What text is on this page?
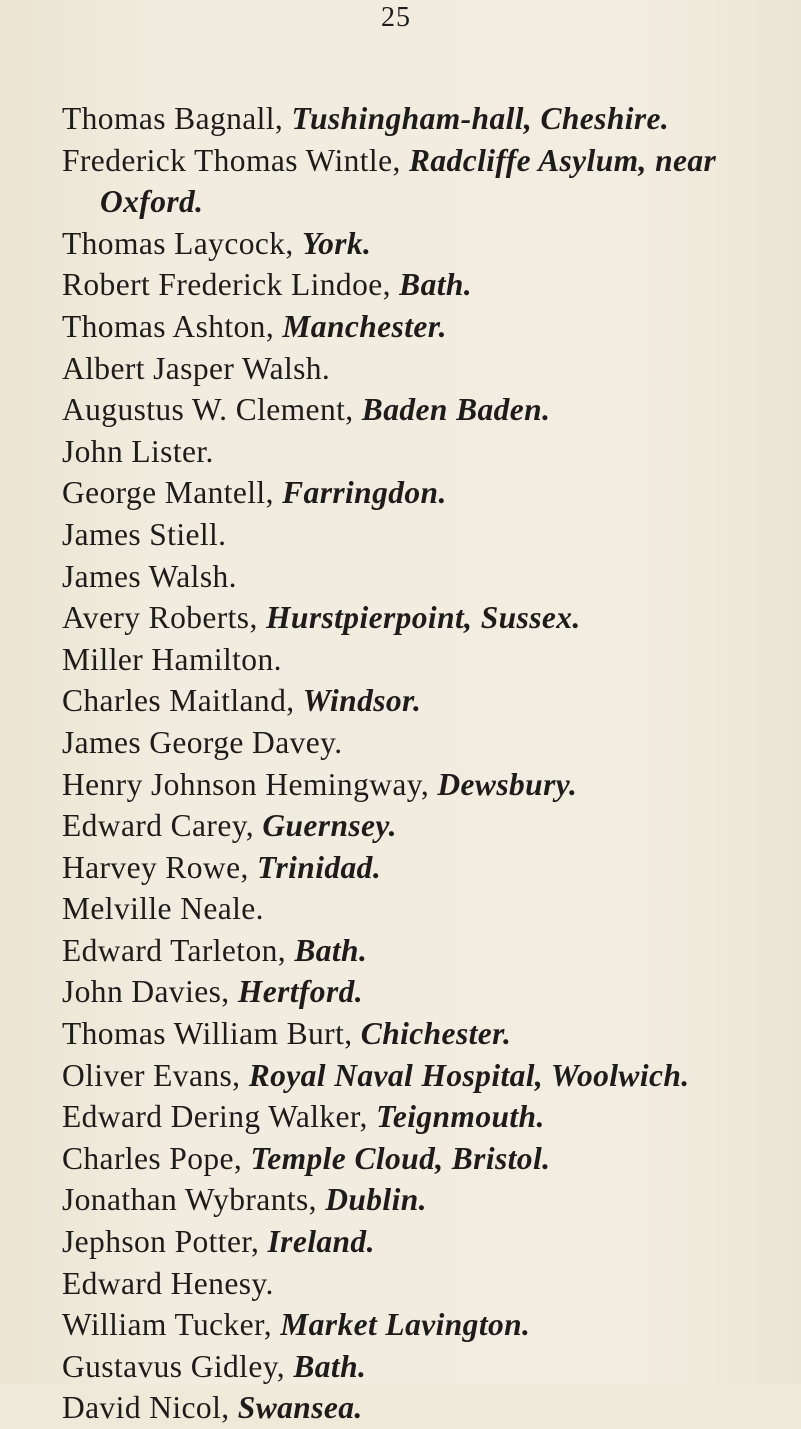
25
Thomas Bagnall, Tushingham-hall, Cheshire.
Frederick Thomas Wintle, Radcliffe Asylum, near
Oxford.
Thomas Laycock, York.
Robert Frederick Lindoe, Bath.
Thomas Ashton, Manchester.
Albert Jasper Walsh.
Augustus W. Clement, Baden Baden.
John Lister.
George Mantell, Farringdon.
James Stiell.
James Walsh.
Avery Roberts, Hurstpierpoint, Sussex.
Miller Hamilton.
Charles Maitland, Windsor.
James George Davey.
Henry Johnson Hemingway, Dewsbury.
Edward Carey, Guernsey.
Harvey Rowe, Trinidad.
Melville Neale.
Edward Tarleton, Bath.
John Davies, Hertford.
Thomas William Burt, Chichester.
Oliver Evans, Royal Naval Hospital, Woolwich.
Edward Dering Walker, Teignmouth.
Charles Pope, Temple Cloud, Bristol.
Jonathan Wybrants, Dublin.
Jephson Potter, Ireland.
Edward Henesy.
William Tucker, Market Lavington.
Gustavus Gidley, Bath.
David Nicol, Swansea.
